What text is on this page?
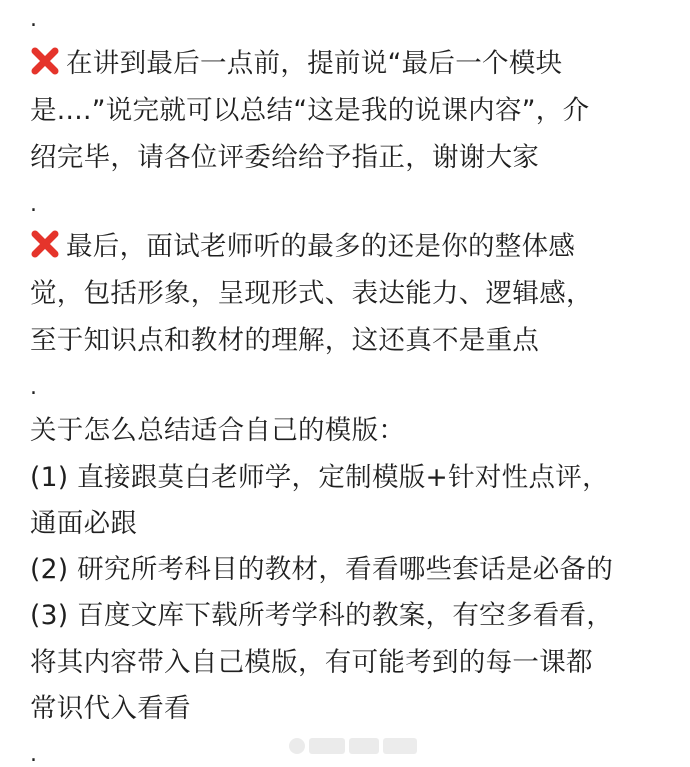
.
在讲到最后一点前，提前说“最后一个模块
是....”说完就可以总结“这是我的说课内容”，介
绍完毕，请各位评委给给予指正，谢谢大家
.
最后，面试老师听的最多的还是你的整体感
觉，包括形象，呈现形式、表达能力、逻辑感，
至于知识点和教材的理解，这还真不是重点
.
关于怎么总结适合自己的模版：
(1) 直接跟莫白老师学，定制模版+针对性点评，
通面必跟
(2) 研究所考科目的教材，看看哪些套话是必备的
(3) 百度文库下载所考学科的教案，有空多看看，
将其内容带入自己模版，有可能考到的每一课都
常识代入看看
.
